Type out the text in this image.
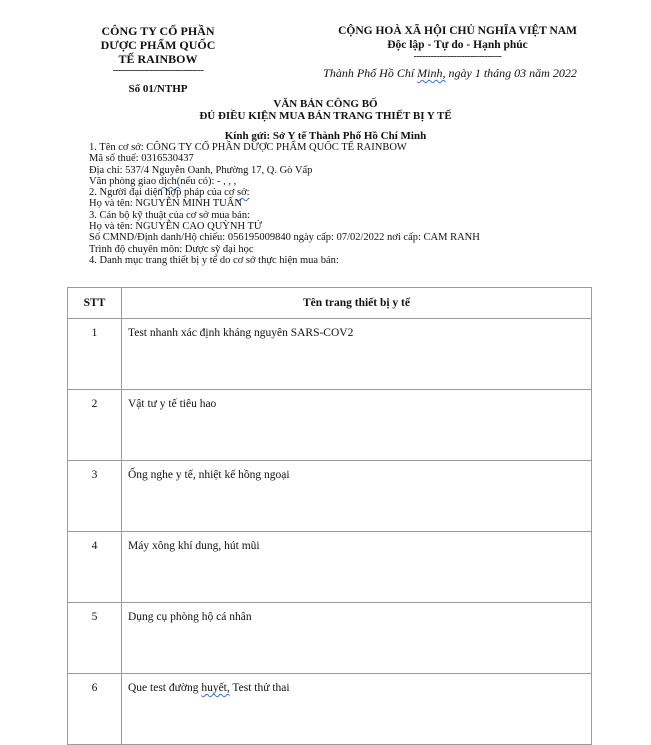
CÔNG TY CỔ PHẦN
DƯỢC PHẨM QUỐC
TẾ RAINBOW
--------------------------------
Số 01/NTHP
CỘNG HOÀ XÃ HỘI CHỦ NGHĨA VIỆT NAM
Độc lập - Tự do - Hạnh phúc
-------------------------------
Thành Phố Hồ Chí Minh, ngày 1 tháng 03 năm 2022
VĂN BẢN CÔNG BỐ
ĐỦ ĐIỀU KIỆN MUA BÁN TRANG THIẾT BỊ Y TẾ
Kính gửi: Sở Y tế Thành Phố Hồ Chí Minh
1. Tên cơ sở: CÔNG TY CỔ PHẦN DƯỢC PHẨM QUỐC TẾ RAINBOW
Mã số thuế: 0316530437
Địa chỉ: 537/4 Nguyễn Oanh, Phường 17, Q. Gò Vấp
Văn phòng giao dịch(nếu có): - , , ,
2. Người đại diện hợp pháp của cơ sở:
Họ và tên: NGUYỄN MINH TUẤN
3. Cán bộ kỹ thuật của cơ sở mua bán:
Họ và tên: NGUYỄN CAO QUỲNH TỨ
Số CMND/Định danh/Hộ chiếu: 056195009840 ngày cấp: 07/02/2022 nơi cấp: CAM RANH
Trình độ chuyên môn: Dược sỹ đại học
4. Danh mục trang thiết bị y tế do cơ sở thực hiện mua bán:
STT	Tên trang thiết bị y tế
1	Test nhanh xác định kháng nguyên SARS-COV2
2	Vật tư y tế tiêu hao
3	Ống nghe y tế, nhiệt kế hồng ngoại
4	Máy xông khí dung, hút mũi
5	Dụng cụ phòng hộ cá nhân
6	Que test đường huyết, Test thử thai
